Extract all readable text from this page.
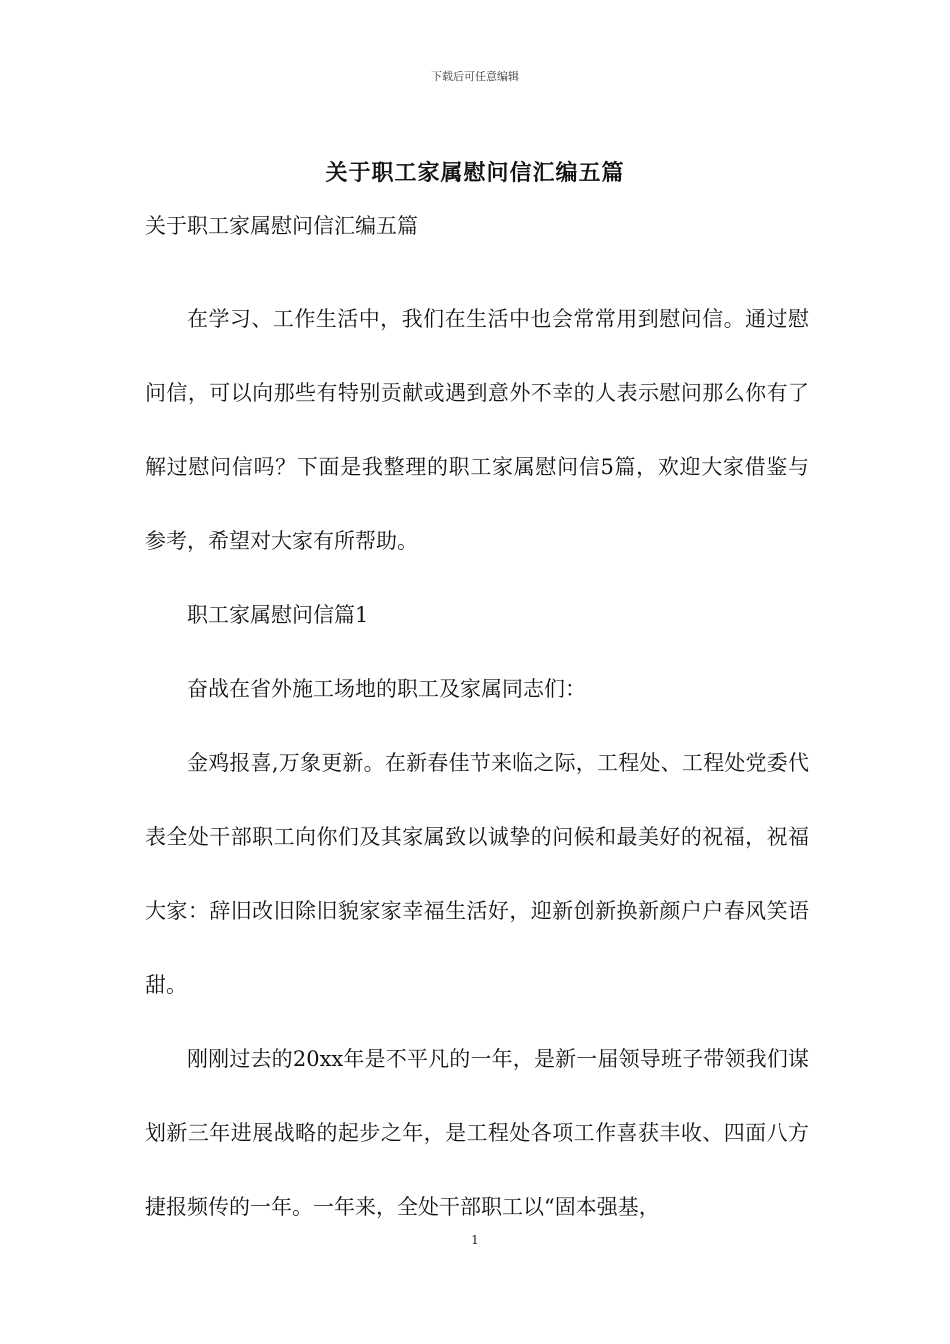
下载后可任意编辑
关于职工家属慰问信汇编五篇

关于职工家属慰问信汇编五篇

在学习、工作生活中，我们在生活中也会常常用到慰问信。通过慰问信，可以向那些有特别贡献或遇到意外不幸的人表示慰问那么你有了解过慰问信吗？下面是我整理的职工家属慰问信5篇，欢迎大家借鉴与参考，希望对大家有所帮助。

职工家属慰问信篇1

奋战在省外施工场地的职工及家属同志们：

金鸡报喜,万象更新。在新春佳节来临之际，工程处、工程处党委代表全处干部职工向你们及其家属致以诚挚的问候和最美好的祝福，祝福大家：辞旧改旧除旧貌家家幸福生活好，迎新创新换新颜户户春风笑语甜。

刚刚过去的20xx年是不平凡的一年，是新一届领导班子带领我们谋划新三年进展战略的起步之年，是工程处各项工作喜获丰收、四面八方捷报频传的一年。一年来，全处干部职工以“固本强基，

1
